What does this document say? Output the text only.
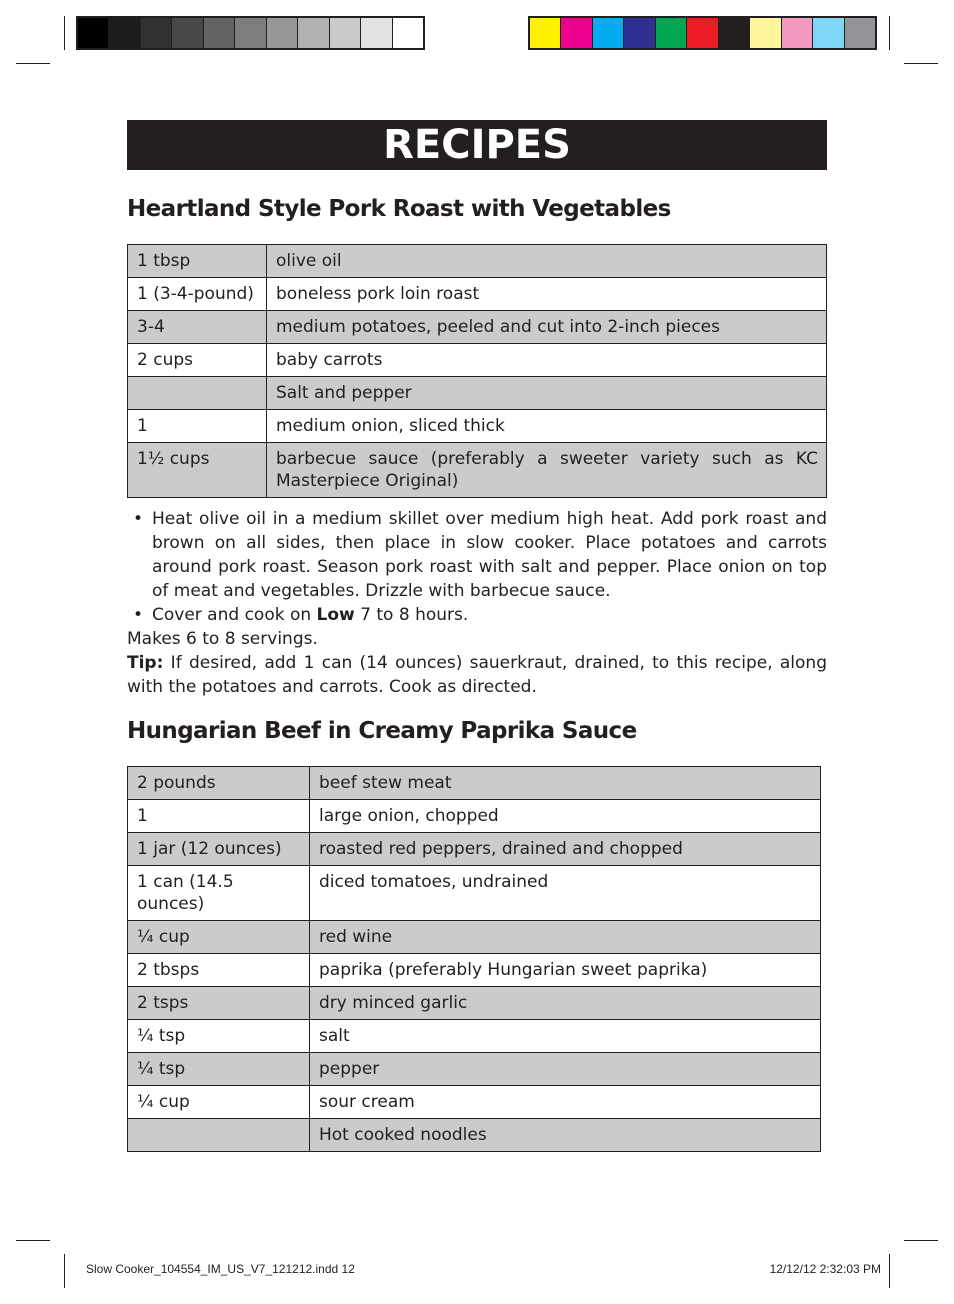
RECIPES
Heartland Style Pork Roast with Vegetables
1 tbsp	olive oil
1 (3-4-pound)	boneless pork loin roast
3-4	medium potatoes, peeled and cut into 2-inch pieces
2 cups	baby carrots
	Salt and pepper
1	medium onion, sliced thick
1½ cups	barbecue sauce (preferably a sweeter variety such as KC Masterpiece Original)
• Heat olive oil in a medium skillet over medium high heat. Add pork roast and brown on all sides, then place in slow cooker. Place potatoes and carrots around pork roast. Season pork roast with salt and pepper. Place onion on top of meat and vegetables. Drizzle with barbecue sauce.
• Cover and cook on Low 7 to 8 hours.

Makes 6 to 8 servings.

Tip: If desired, add 1 can (14 ounces) sauerkraut, drained, to this recipe, along with the potatoes and carrots. Cook as directed.

Hungarian Beef in Creamy Paprika Sauce
2 pounds	beef stew meat
1	large onion, chopped
1 jar (12 ounces)	roasted red peppers, drained and chopped
1 can (14.5 ounces)	diced tomatoes, undrained
¼ cup	red wine
2 tbsps	paprika (preferably Hungarian sweet paprika)
2 tsps	dry minced garlic
¼ tsp	salt
¼ tsp	pepper
¼ cup	sour cream
	Hot cooked noodles
Slow Cooker_104554_IM_US_V7_121212.indd 12	12/12/12 2:32:03 PM
